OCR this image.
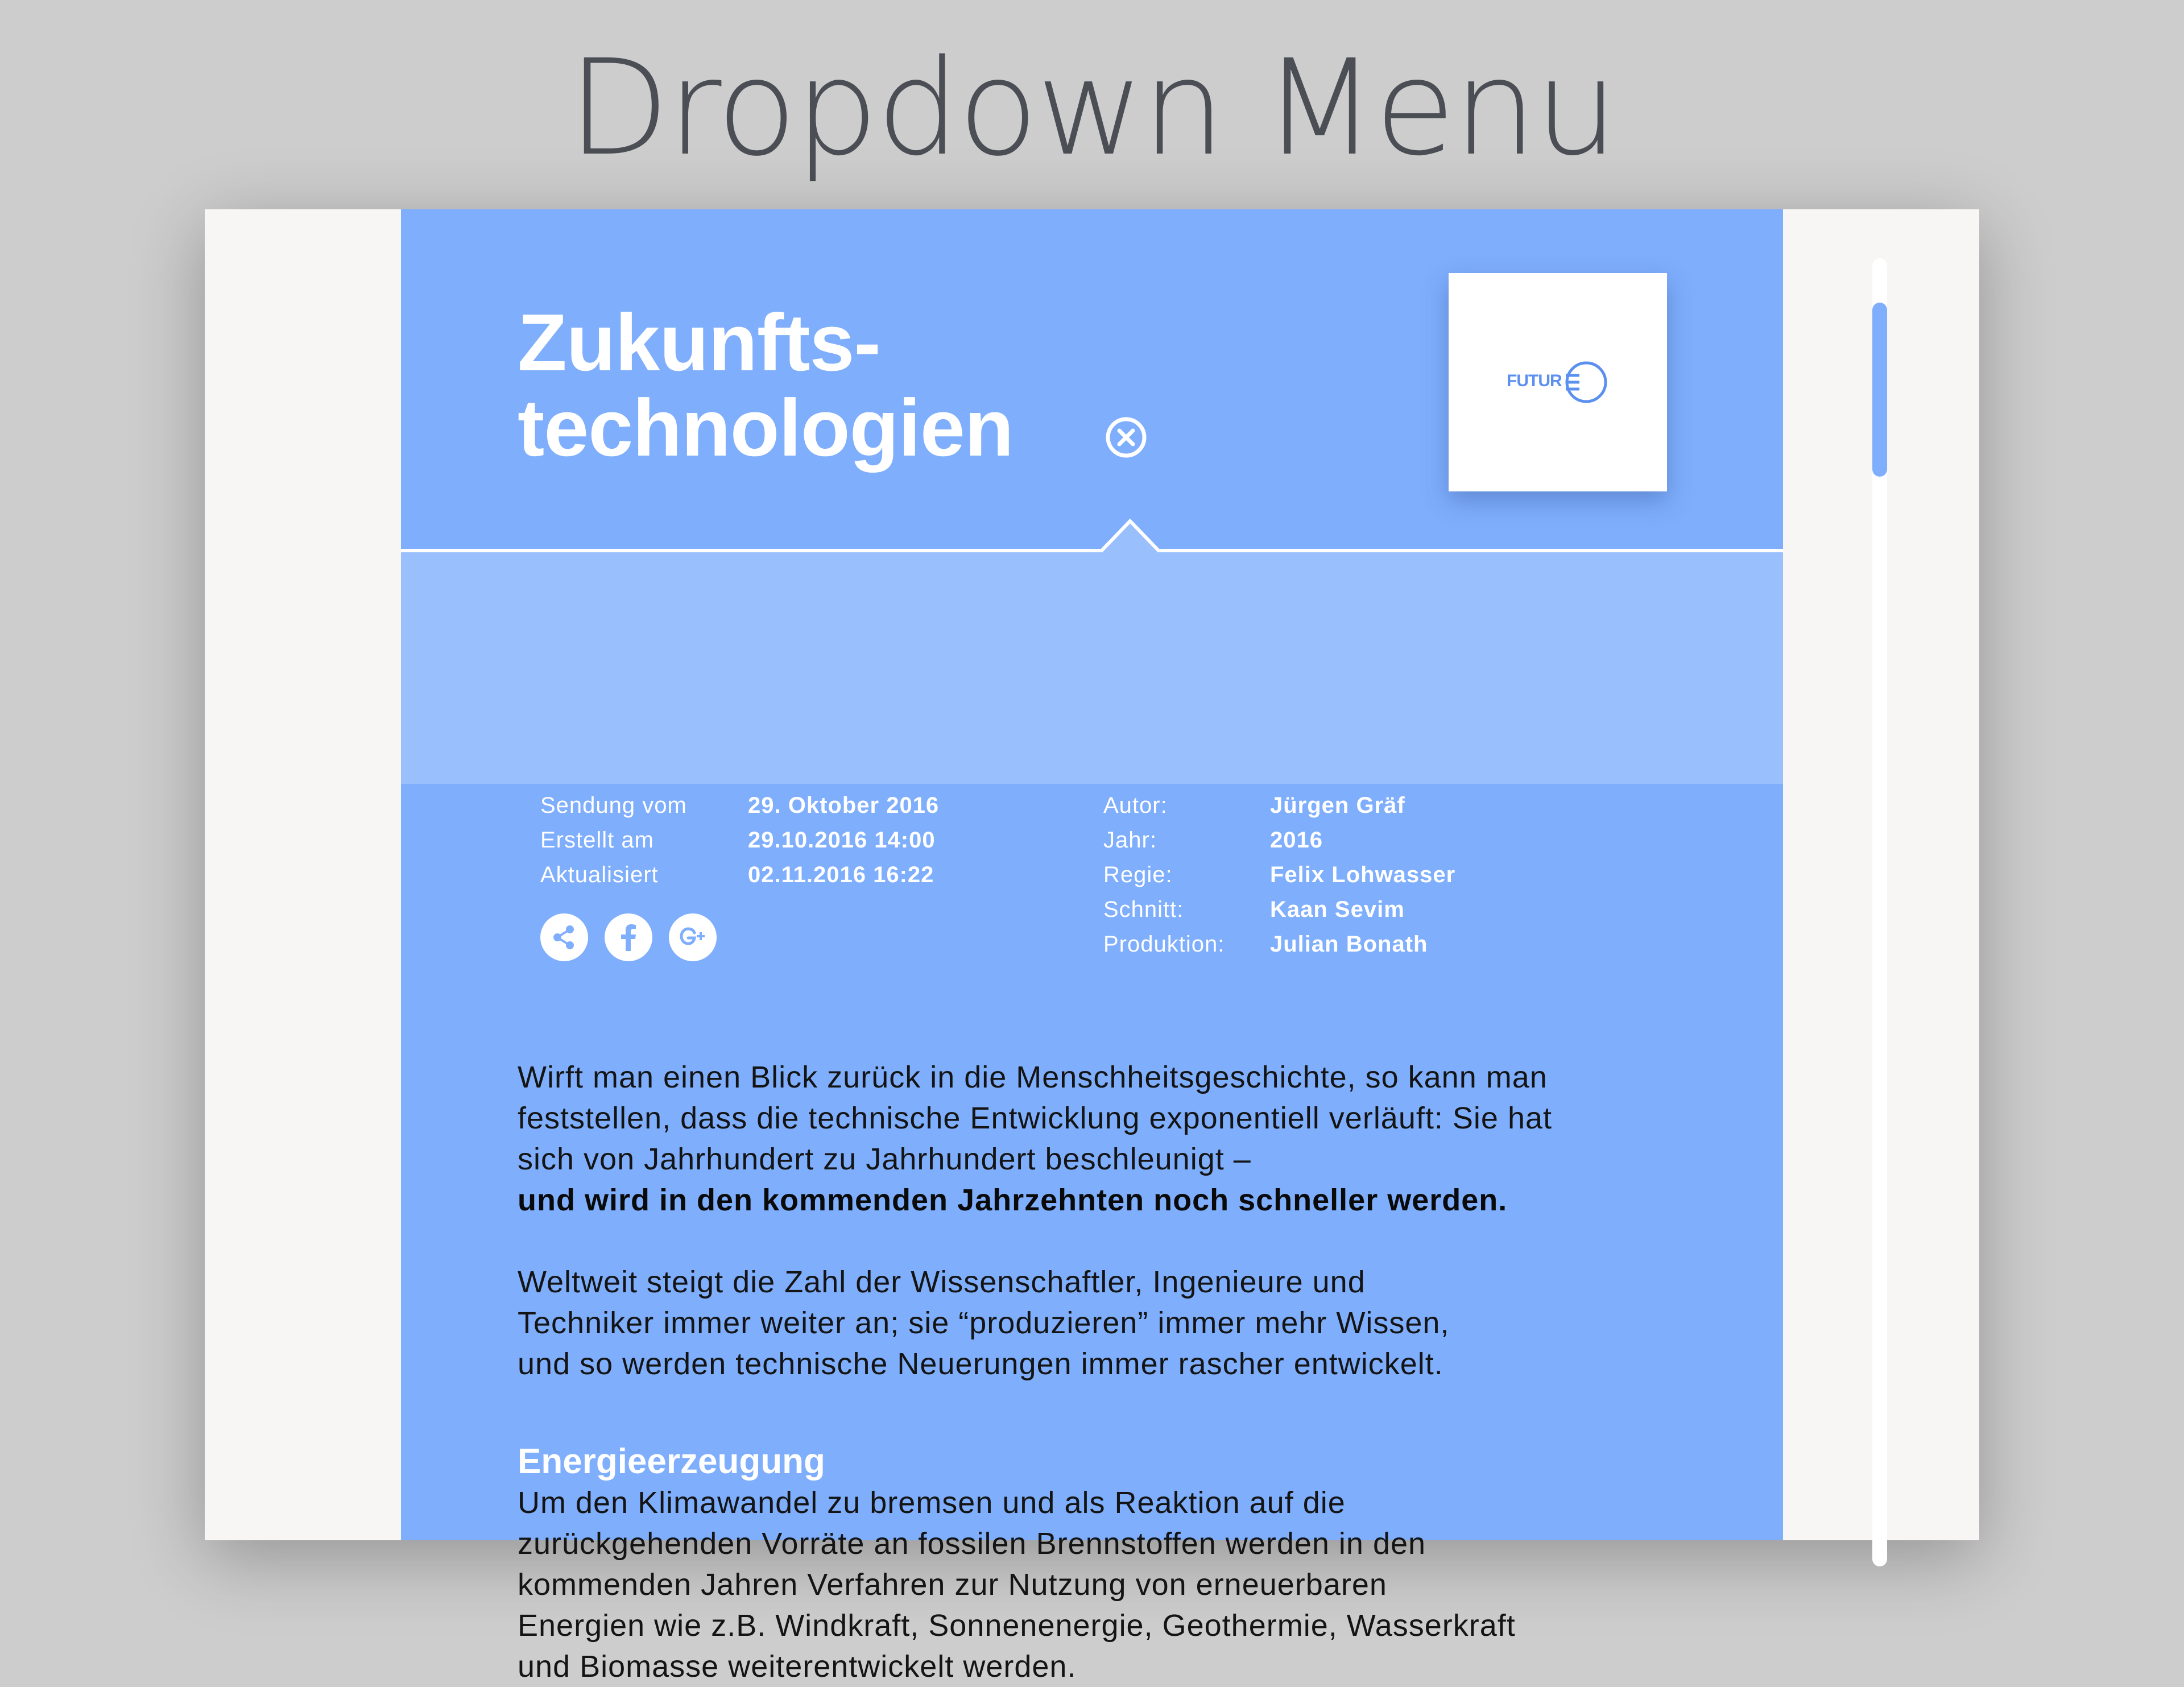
Dropdown Menu
Zukunfts-
technologien
FUTUR
Sendung vom	29. Oktober 2016
Erstellt am	29.10.2016 14:00
Aktualisiert	02.11.2016 16:22
Autor:	Jürgen Gräf
Jahr:	2016
Regie:	Felix Lohwasser
Schnitt:	Kaan Sevim
Produktion: Julian Bonath

Wirft man einen Blick zurück in die Menschheitsgeschichte, so kann man
feststellen, dass die technische Entwicklung exponentiell verläuft: Sie hat
sich von Jahrhundert zu Jahrhundert beschleunigt –
und wird in den kommenden Jahrzehnten noch schneller werden.

Weltweit steigt die Zahl der Wissenschaftler, Ingenieure und
Techniker immer weiter an; sie “produzieren” immer mehr Wissen,
und so werden technische Neuerungen immer rascher entwickelt.

Energieerzeugung

Um den Klimawandel zu bremsen und als Reaktion auf die
zurückgehenden Vorräte an fossilen Brennstoffen werden in den
kommenden Jahren Verfahren zur Nutzung von erneuerbaren
Energien wie z.B. Windkraft, Sonnenenergie, Geothermie, Wasserkraft
und Biomasse weiterentwickelt werden.
